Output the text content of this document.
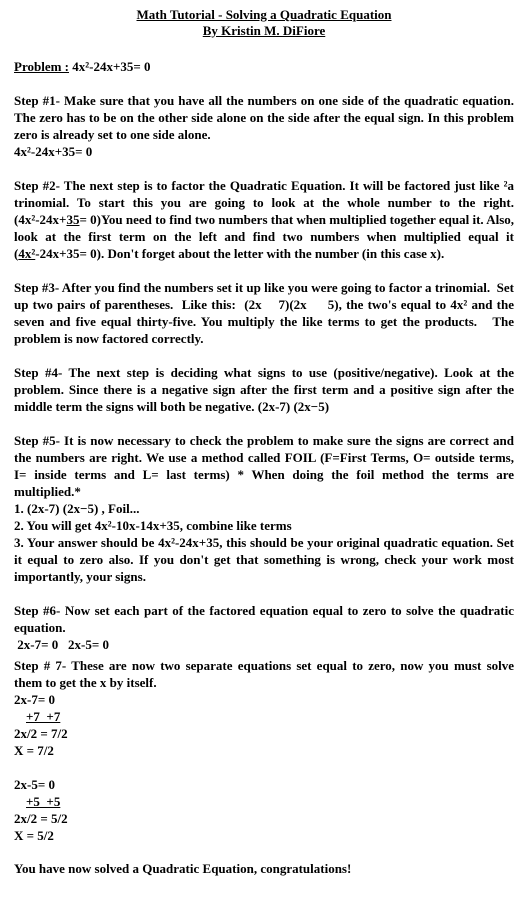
Math Tutorial - Solving a Quadratic Equation
By Kristin M. DiFiore
Problem : 4x²-24x+35= 0
Step #1- Make sure that you have all the numbers on one side of the quadratic equation. The zero has to be on the other side alone on the side after the equal sign. In this problem zero is already set to one side alone.
4x²-24x+35= 0
Step #2- The next step is to factor the Quadratic Equation. It will be factored just like ²a trinomial. To start this you are going to look at the whole number to the right. (4x²-24x+35= 0)You need to find two numbers that when multiplied together equal it. Also, look at the first term on the left and find two numbers when multiplied equal it (4x²-24x+35= 0). Don't forget about the letter with the number (in this case x).
Step #3- After you find the numbers set it up like you were going to factor a trinomial.  Set up two pairs of parentheses.  Like this:  (2x    7)(2x     5), the two's equal to 4x² and the seven and five equal thirty-five. You multiply the like terms to get the products.   The problem is now factored correctly.
Step #4- The next step is deciding what signs to use (positive/negative). Look at the problem. Since there is a negative sign after the first term and a positive sign after the middle term the signs will both be negative. (2x-7) (2x−5)
Step #5- It is now necessary to check the problem to make sure the signs are correct and the numbers are right. We use a method called FOIL (F=First Terms, O= outside terms, I= inside terms and L= last terms) * When doing the foil method the terms are multiplied.*
1. (2x-7) (2x−5) , Foil...
2. You will get 4x²-10x-14x+35, combine like terms
3. Your answer should be 4x²-24x+35, this should be your original quadratic equation. Set it equal to zero also. If you don't get that something is wrong, check your work most importantly, your signs.
Step #6- Now set each part of the factored equation equal to zero to solve the quadratic equation.
2x-7= 0   2x-5= 0
Step # 7- These are now two separate equations set equal to zero, now you must solve them to get the x by itself.
2x-7= 0
+7  +7
2x/2 = 7/2
X = 7/2
2x-5= 0
+5  +5
2x/2 = 5/2
X = 5/2
You have now solved a Quadratic Equation, congratulations!
